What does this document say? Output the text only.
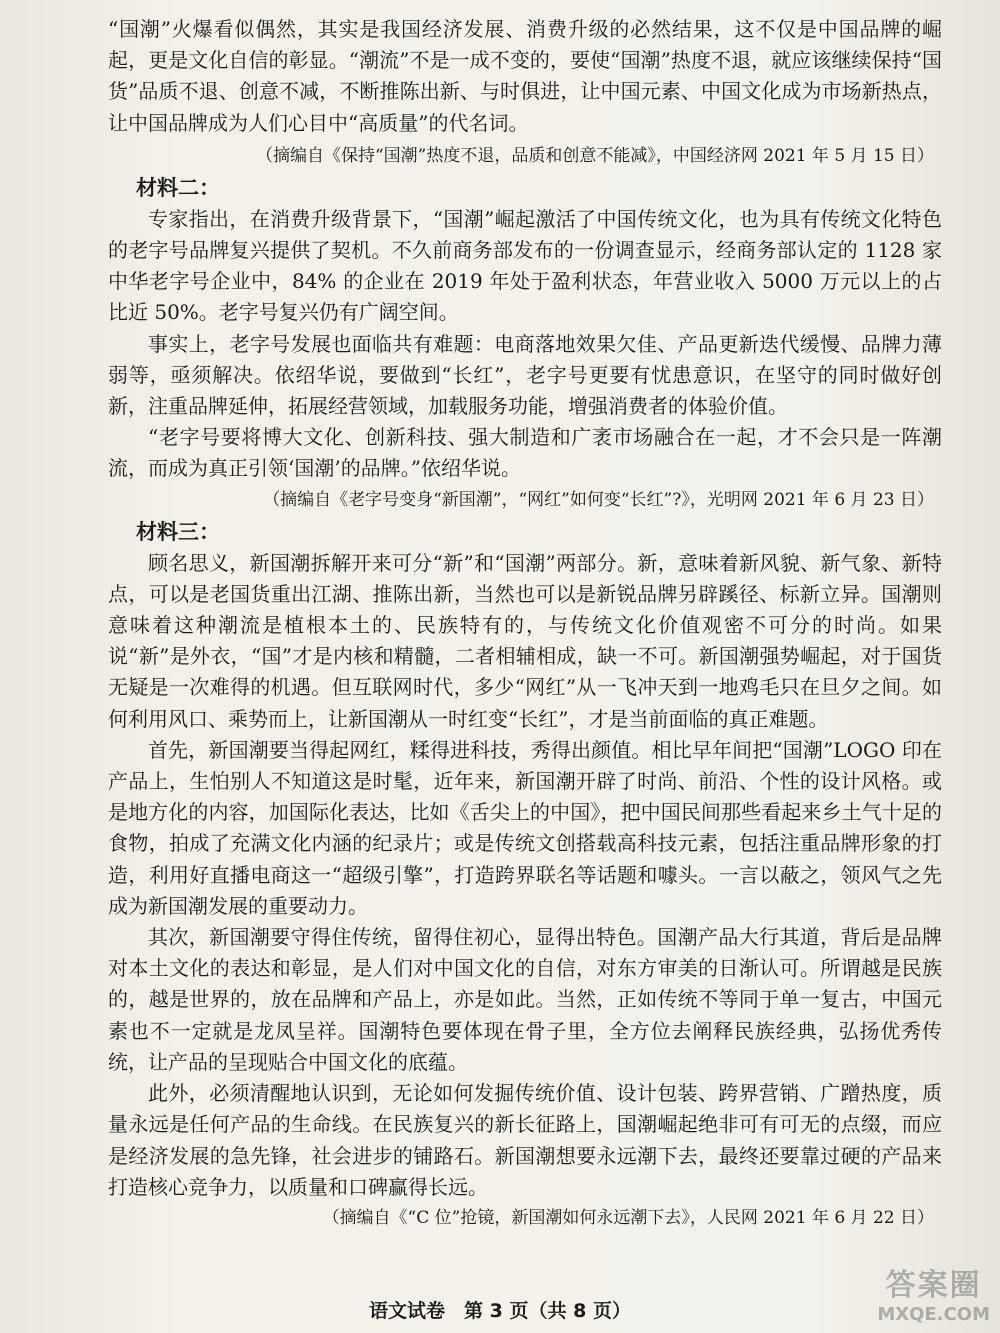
“国潮”火爆看似偶然，其实是我国经济发展、消费升级的必然结果，这不仅是中国品牌的崛起，更是文化自信的彰显。“潮流”不是一成不变的，要使“国潮”热度不退，就应该继续保持“国货”品质不退、创意不减，不断推陈出新、与时俱进，让中国元素、中国文化成为市场新热点，让中国品牌成为人们心目中“高质量”的代名词。

（摘编自《保持“国潮”热度不退，品质和创意不能减》，中国经济网 2021 年 5 月 15 日）

材料二：

专家指出，在消费升级背景下，“国潮”崛起激活了中国传统文化，也为具有传统文化特色的老字号品牌复兴提供了契机。不久前商务部发布的一份调查显示，经商务部认定的 1128 家中华老字号企业中，84% 的企业在 2019 年处于盈利状态，年营业收入 5000 万元以上的占比近 50%。老字号复兴仍有广阔空间。

事实上，老字号发展也面临共有难题：电商落地效果欠佳、产品更新迭代缓慢、品牌力薄弱等，亟须解决。依绍华说，要做到“长红”，老字号更要有忧患意识，在坚守的同时做好创新，注重品牌延伸，拓展经营领域，加载服务功能，增强消费者的体验价值。

“老字号要将博大文化、创新科技、强大制造和广袤市场融合在一起，才不会只是一阵潮流，而成为真正引领‘国潮’的品牌。”依绍华说。

（摘编自《老字号变身“新国潮”，“网红”如何变“长红”?》，光明网 2021 年 6 月 23 日）

材料三：

顾名思义，新国潮拆解开来可分“新”和“国潮”两部分。新，意味着新风貌、新气象、新特点，可以是老国货重出江湖、推陈出新，当然也可以是新锐品牌另辟蹊径、标新立异。国潮则意味着这种潮流是植根本土的、民族特有的，与传统文化价值观密不可分的时尚。如果说“新”是外衣，“国”才是内核和精髓，二者相辅相成，缺一不可。新国潮强势崛起，对于国货无疑是一次难得的机遇。但互联网时代，多少“网红”从一飞冲天到一地鸡毛只在旦夕之间。如何利用风口、乘势而上，让新国潮从一时红变“长红”，才是当前面临的真正难题。

首先，新国潮要当得起网红，糅得进科技，秀得出颜值。相比早年间把“国潮”LOGO 印在产品上，生怕别人不知道这是时髦，近年来，新国潮开辟了时尚、前沿、个性的设计风格。或是地方化的内容，加国际化表达，比如《舌尖上的中国》，把中国民间那些看起来乡土气十足的食物，拍成了充满文化内涵的纪录片；或是传统文创搭载高科技元素，包括注重品牌形象的打造，利用好直播电商这一“超级引擎”，打造跨界联名等话题和噱头。一言以蔽之，领风气之先成为新国潮发展的重要动力。

其次，新国潮要守得住传统，留得住初心，显得出特色。国潮产品大行其道，背后是品牌对本土文化的表达和彰显，是人们对中国文化的自信，对东方审美的日渐认可。所谓越是民族的，越是世界的，放在品牌和产品上，亦是如此。当然，正如传统不等同于单一复古，中国元素也不一定就是龙凤呈祥。国潮特色要体现在骨子里，全方位去阐释民族经典，弘扬优秀传统，让产品的呈现贴合中国文化的底蕴。

此外，必须清醒地认识到，无论如何发掘传统价值、设计包装、跨界营销、广蹭热度，质量永远是任何产品的生命线。在民族复兴的新长征路上，国潮崛起绝非可有可无的点缀，而应是经济发展的急先锋，社会进步的铺路石。新国潮想要永远潮下去，最终还要靠过硬的产品来打造核心竞争力，以质量和口碑赢得长远。

（摘编自《“C 位”抢镜，新国潮如何永远潮下去》，人民网 2021 年 6 月 22 日）

语文试卷　第 3 页（共 8 页）
答案圈
MXQE.COM
